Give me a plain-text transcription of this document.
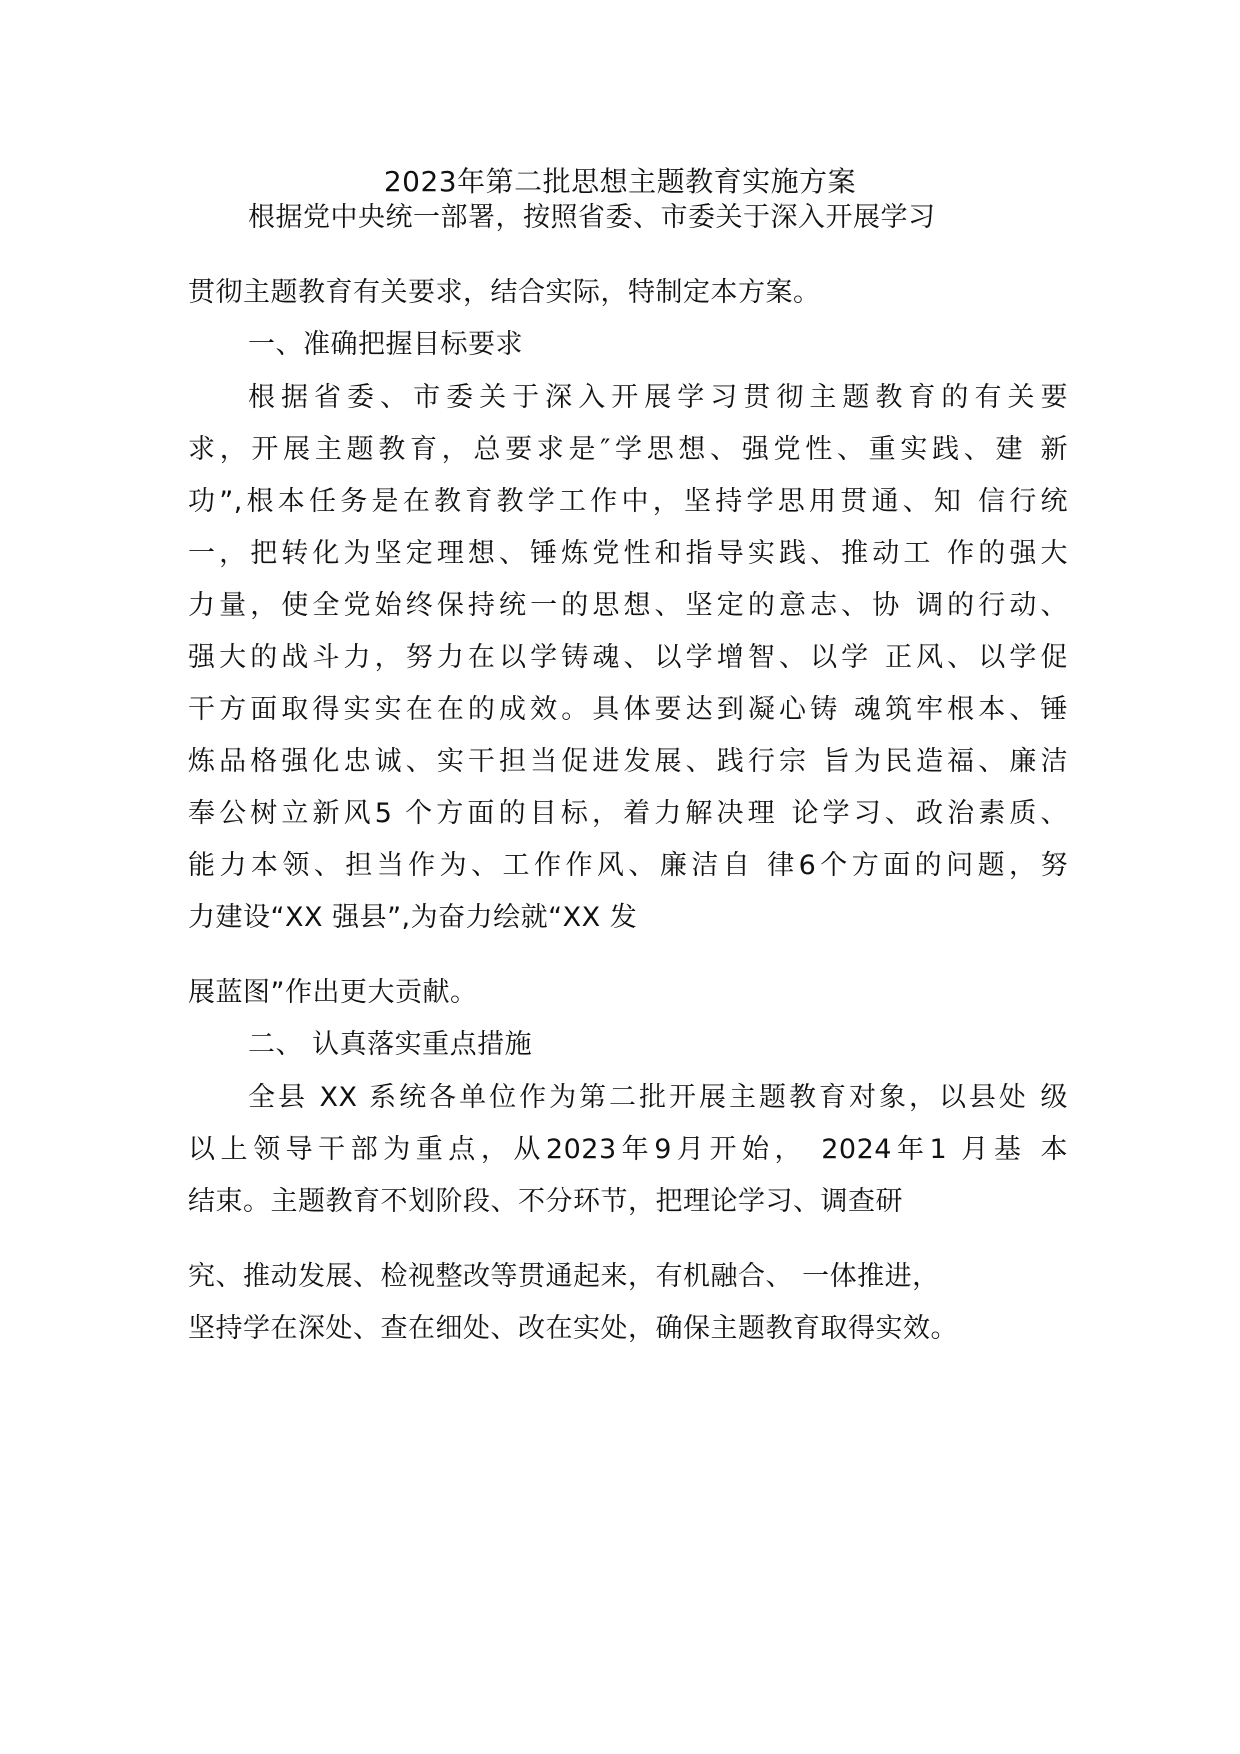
2023年第二批思想主题教育实施方案
根据党中央统一部署，按照省委、市委关于深入开展学习
贯彻主题教育有关要求，结合实际，特制定本方案。
一、准确把握目标要求
根据省委、市委关于深入开展学习贯彻主题教育的有关要
求，开展主题教育，总要求是″学思想、强党性、重实践、建 新
功”,根本任务是在教育教学工作中，坚持学思用贯通、知 信行统
一，把转化为坚定理想、锤炼党性和指导实践、推动工 作的强大
力量，使全党始终保持统一的思想、坚定的意志、协 调的行动、
强大的战斗力，努力在以学铸魂、以学增智、以学 正风、以学促
干方面取得实实在在的成效。具体要达到凝心铸 魂筑牢根本、锤
炼品格强化忠诚、实干担当促进发展、践行宗 旨为民造福、廉洁
奉公树立新风5 个方面的目标，着力解决理 论学习、政治素质、
能力本领、担当作为、工作作风、廉洁自 律6个方面的问题，努
力建设“XX 强县”,为奋力绘就“XX 发
展蓝图”作出更大贡献。
二、 认真落实重点措施
全县 XX 系统各单位作为第二批开展主题教育对象，以县处 级
以上领导干部为重点，从2023年9月开始， 2024年1 月基 本
结束。主题教育不划阶段、不分环节，把理论学习、调查研
究、推动发展、检视整改等贯通起来，有机融合、 一体推进，
坚持学在深处、查在细处、改在实处，确保主题教育取得实效。
